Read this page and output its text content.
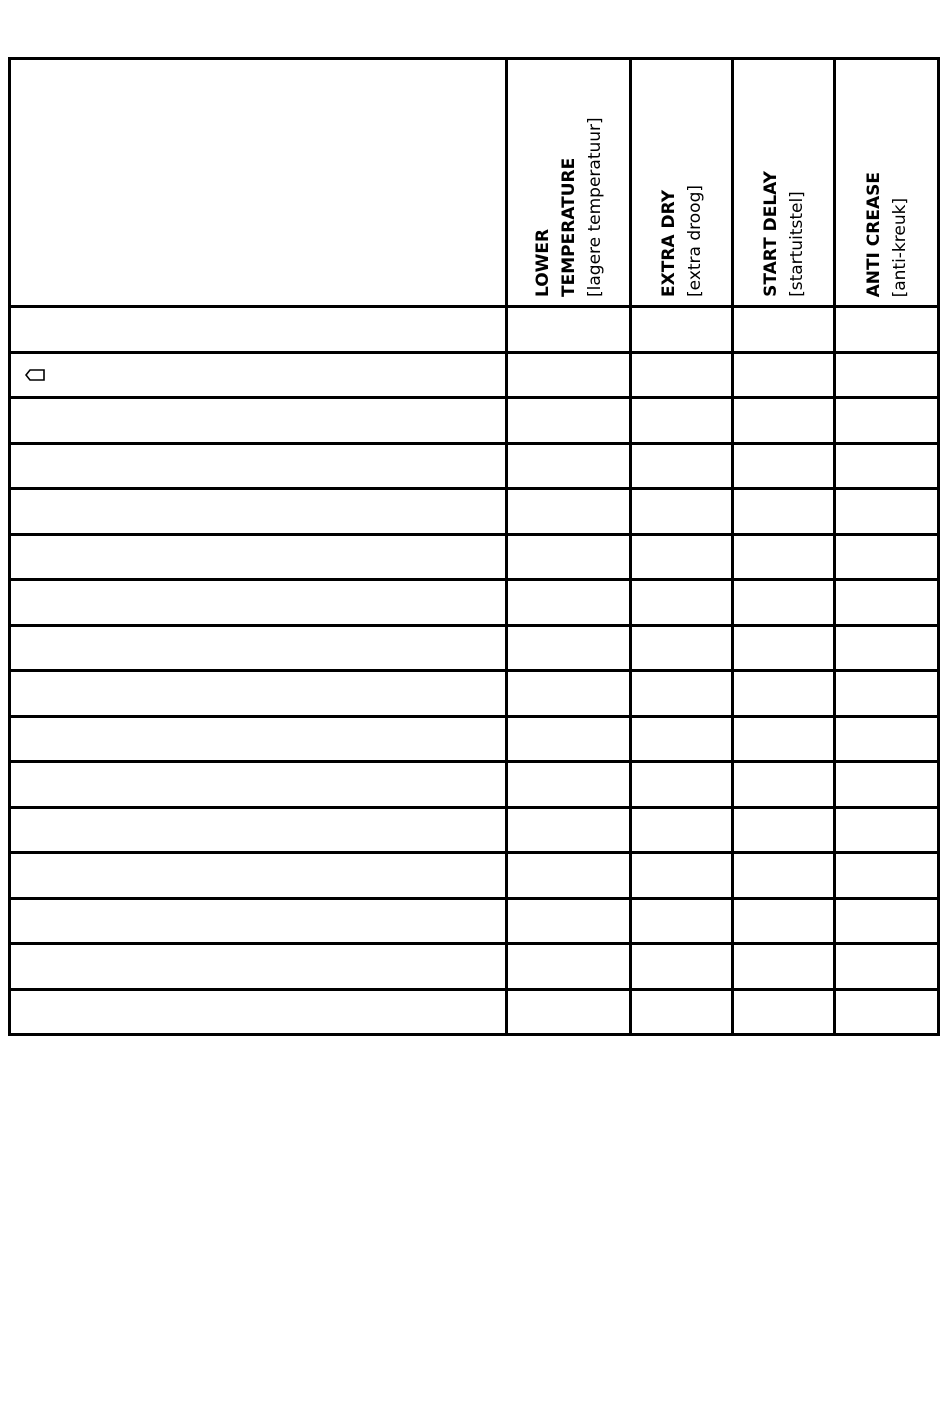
	LOWER TEMPERATURE [lagere temperatuur]	EXTRA DRY [extra droog]	START DELAY [startuitstel]	ANTI CREASE [anti-kreuk]
